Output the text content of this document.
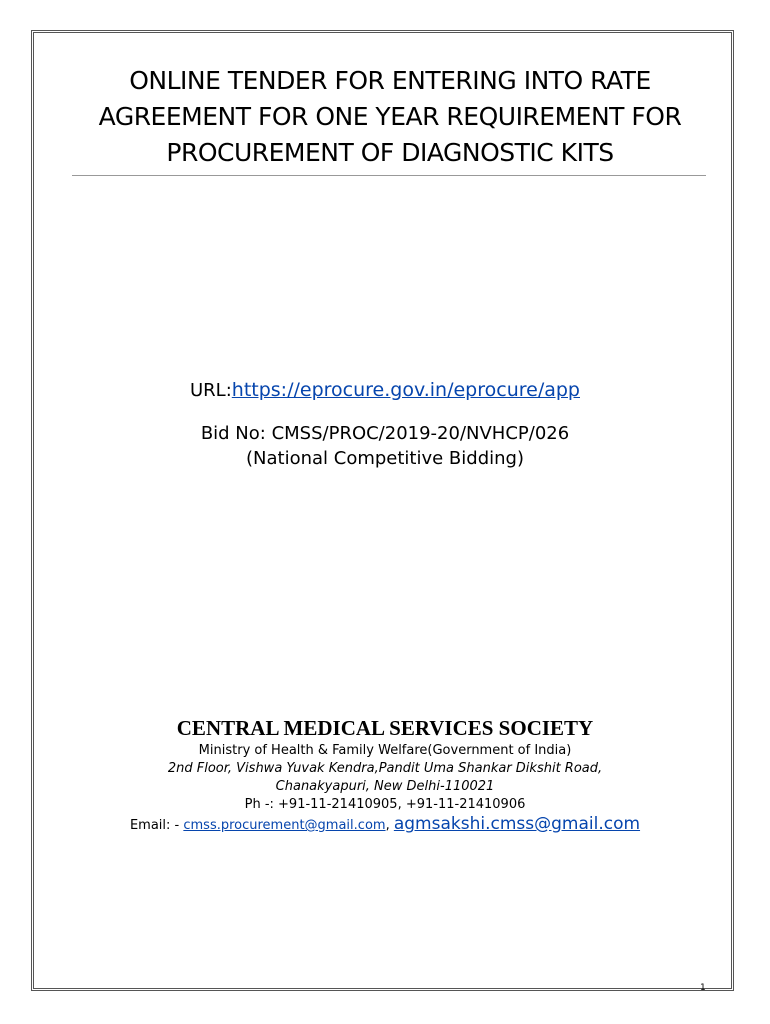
ONLINE TENDER FOR ENTERING INTO RATE
AGREEMENT FOR ONE YEAR REQUIREMENT FOR
PROCUREMENT OF DIAGNOSTIC KITS
URL:https://eprocure.gov.in/eprocure/app
Bid No: CMSS/PROC/2019-20/NVHCP/026
(National Competitive Bidding)
CENTRAL MEDICAL SERVICES SOCIETY
Ministry of Health & Family Welfare(Government of India)
2nd Floor, Vishwa Yuvak Kendra,Pandit Uma Shankar Dikshit Road,
Chanakyapuri, New Delhi-110021
Ph -: +91-11-21410905, +91-11-21410906
Email: - cmss.procurement@gmail.com, agmsakshi.cmss@gmail.com
1
